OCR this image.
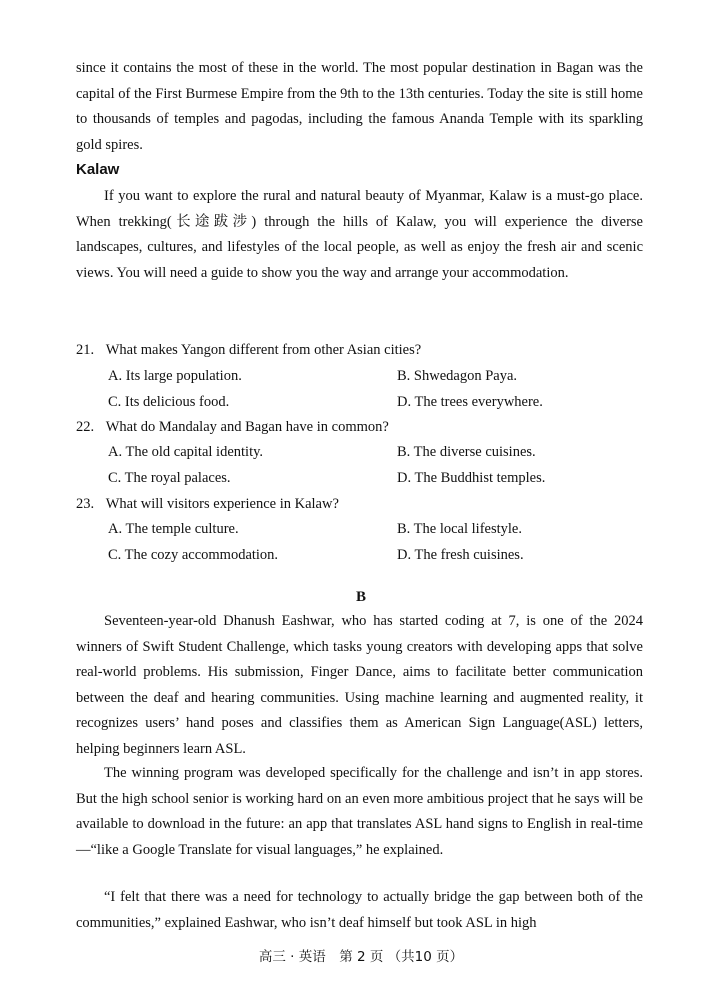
since it contains the most of these in the world. The most popular destination in Bagan was the capital of the First Burmese Empire from the 9th to the 13th centuries. Today the site is still home to thousands of temples and pagodas, including the famous Ananda Temple with its sparkling gold spires.

Kalaw

If you want to explore the rural and natural beauty of Myanmar, Kalaw is a must-go place. When trekking(长途跋涉) through the hills of Kalaw, you will experience the diverse landscapes, cultures, and lifestyles of the local people, as well as enjoy the fresh air and scenic views. You will need a guide to show you the way and arrange your accommodation.

21. What makes Yangon different from other Asian cities?
A. Its large population.	B. Shwedagon Paya.
C. Its delicious food.	D. The trees everywhere.
22. What do Mandalay and Bagan have in common?
A. The old capital identity.	B. The diverse cuisines.
C. The royal palaces.	D. The Buddhist temples.
23. What will visitors experience in Kalaw?
A. The temple culture.	B. The local lifestyle.
C. The cozy accommodation.	D. The fresh cuisines.
B

Seventeen-year-old Dhanush Eashwar, who has started coding at 7, is one of the 2024 winners of Swift Student Challenge, which tasks young creators with developing apps that solve real-world problems. His submission, Finger Dance, aims to facilitate better communication between the deaf and hearing communities. Using machine learning and augmented reality, it recognizes users’ hand poses and classifies them as American Sign Language(ASL) letters, helping beginners learn ASL.

The winning program was developed specifically for the challenge and isn’t in app stores. But the high school senior is working hard on an even more ambitious project that he says will be available to download in the future: an app that translates ASL hand signs to English in real-time—“like a Google Translate for visual languages,” he explained.

“I felt that there was a need for technology to actually bridge the gap between both of the communities,” explained Eashwar, who isn’t deaf himself but took ASL in high

高三 · 英语　第 2 页 （共10 页）
